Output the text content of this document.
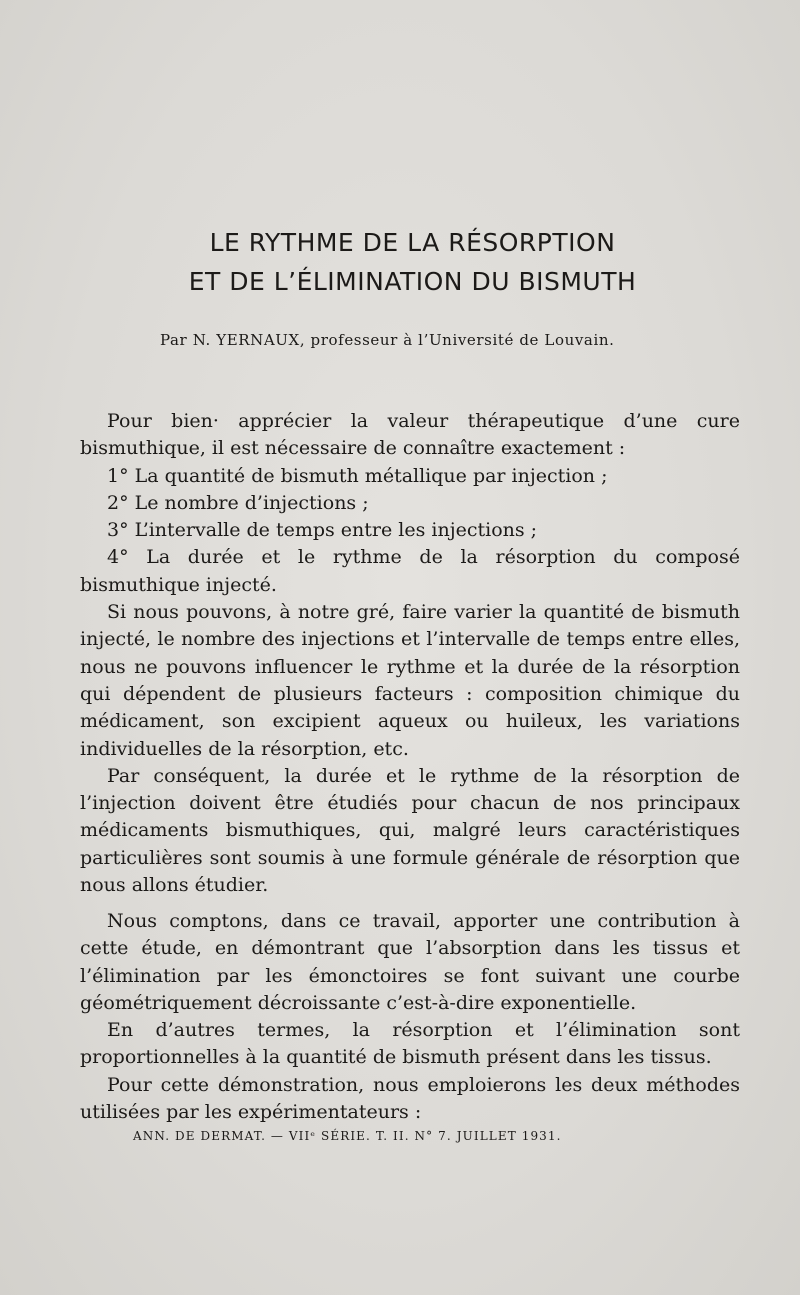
LE RYTHME DE LA RÉSORPTION
ET DE L’ÉLIMINATION DU BISMUTH
Par N. YERNAUX, professeur à l’Université de Louvain.

Pour bien· apprécier la valeur thérapeutique d’une cure bismuthique, il est nécessaire de connaître exactement :

1° La quantité de bismuth métallique par injection ;

2° Le nombre d’injections ;

3° L’intervalle de temps entre les injections ;

4° La durée et le rythme de la résorption du composé bismuthique injecté.

Si nous pouvons, à notre gré, faire varier la quantité de bismuth injecté, le nombre des injections et l’intervalle de temps entre elles, nous ne pouvons influencer le rythme et la durée de la résorption qui dépendent de plusieurs facteurs : composition chimique du médicament, son excipient aqueux ou huileux, les variations individuelles de la résorption, etc.

Par conséquent, la durée et le rythme de la résorption de l’injection doivent être étudiés pour chacun de nos principaux médicaments bismuthiques, qui, malgré leurs caractéristiques particulières sont soumis à une formule générale de résorption que nous allons étudier.

Nous comptons, dans ce travail, apporter une contribution à cette étude, en démontrant que l’absorption dans les tissus et l’élimination par les émonctoires se font suivant une courbe géométriquement décroissante c’est-à-dire exponentielle.

En d’autres termes, la résorption et l’élimination sont proportionnelles à la quantité de bismuth présent dans les tissus.

Pour cette démonstration, nous emploierons les deux méthodes utilisées par les expérimentateurs :

ANN. DE DERMAT. — VIIᵉ SÉRIE. T. II. N° 7. JUILLET 1931.
